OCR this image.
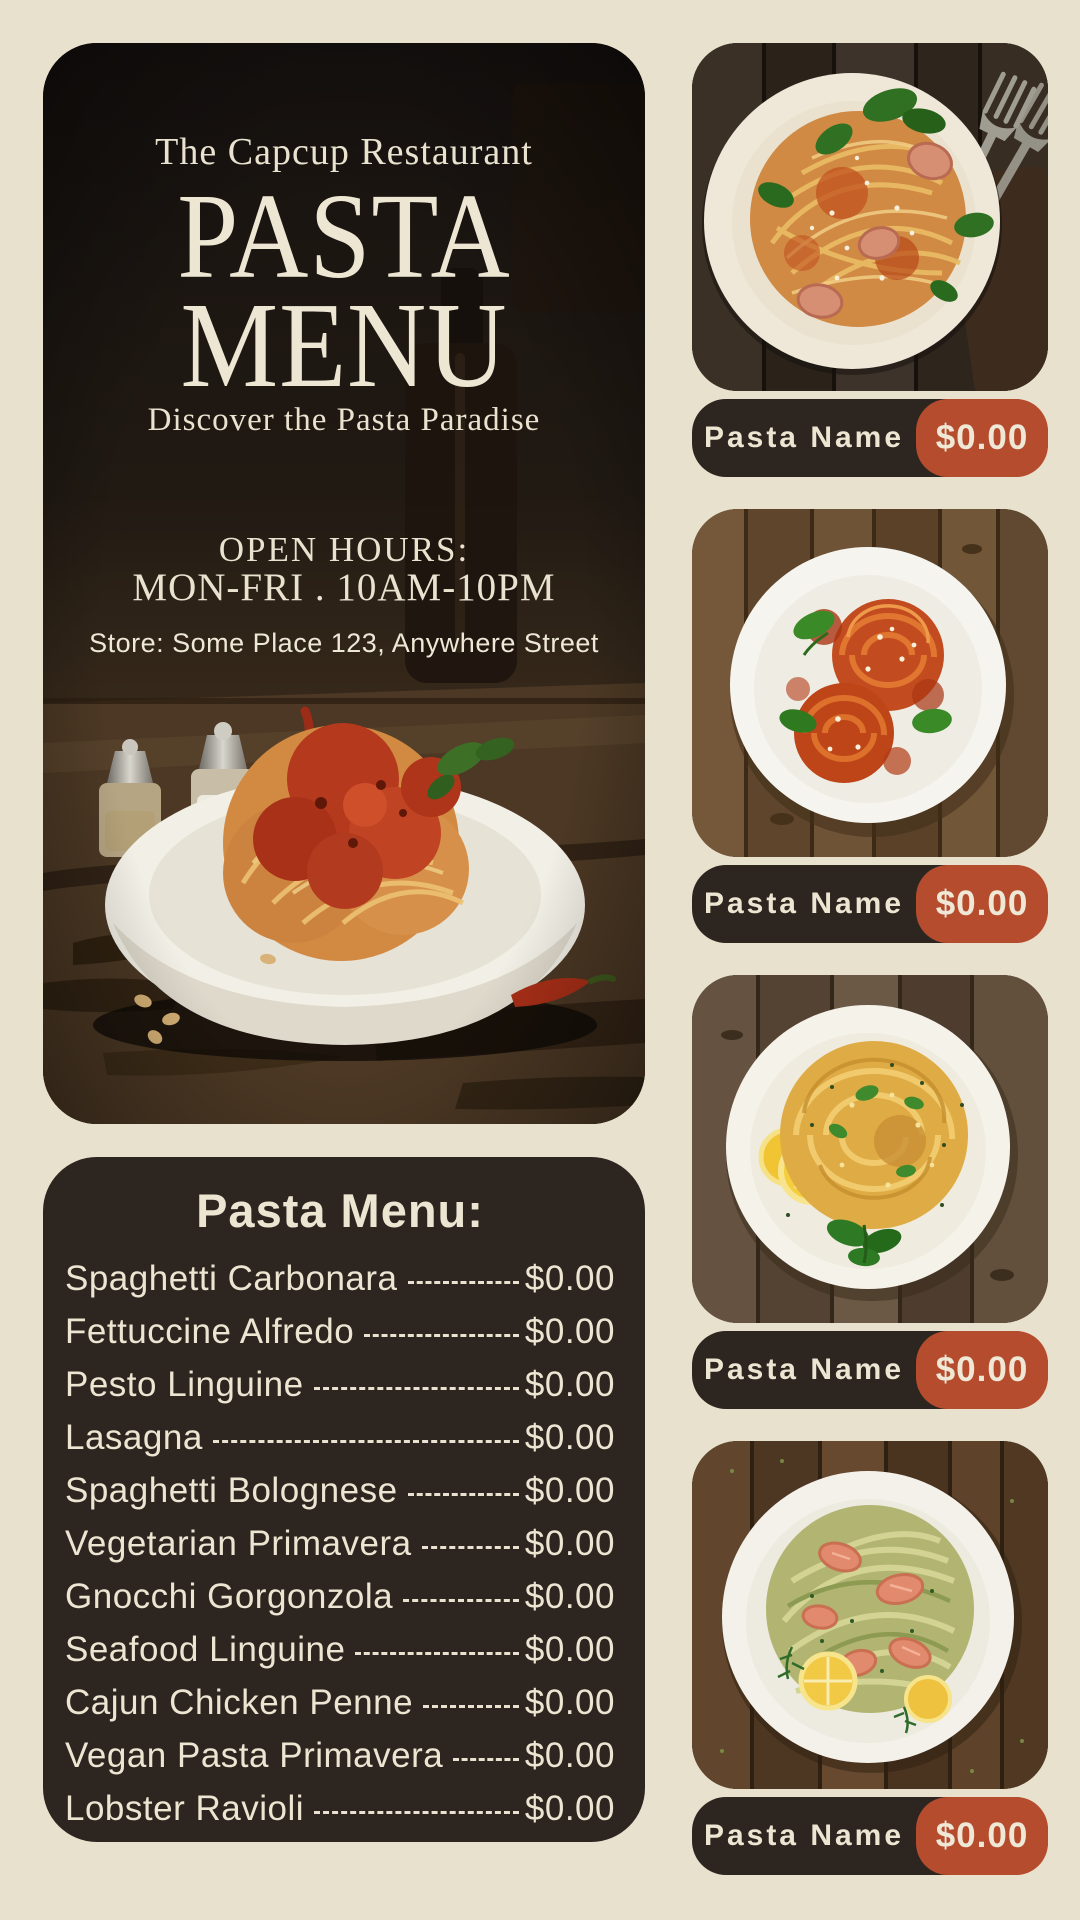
The Capcup Restaurant
PASTA
MENU
Discover the Pasta Paradise
OPEN HOURS:
MON-FRI . 10AM-10PM
Store: Some Place 123, Anywhere Street
Pasta Menu:
Spaghetti Carbonara	$0.00
Fettuccine Alfredo	$0.00
Pesto Linguine	$0.00
Lasagna	$0.00
Spaghetti Bolognese	$0.00
Vegetarian Primavera	$0.00
Gnocchi Gorgonzola	$0.00
Seafood Linguine	$0.00
Cajun Chicken Penne	$0.00
Vegan Pasta Primavera $0.00
Lobster Ravioli	$0.00
Pasta Name $0.00
Pasta Name $0.00
Pasta Name $0.00
Pasta Name $0.00
